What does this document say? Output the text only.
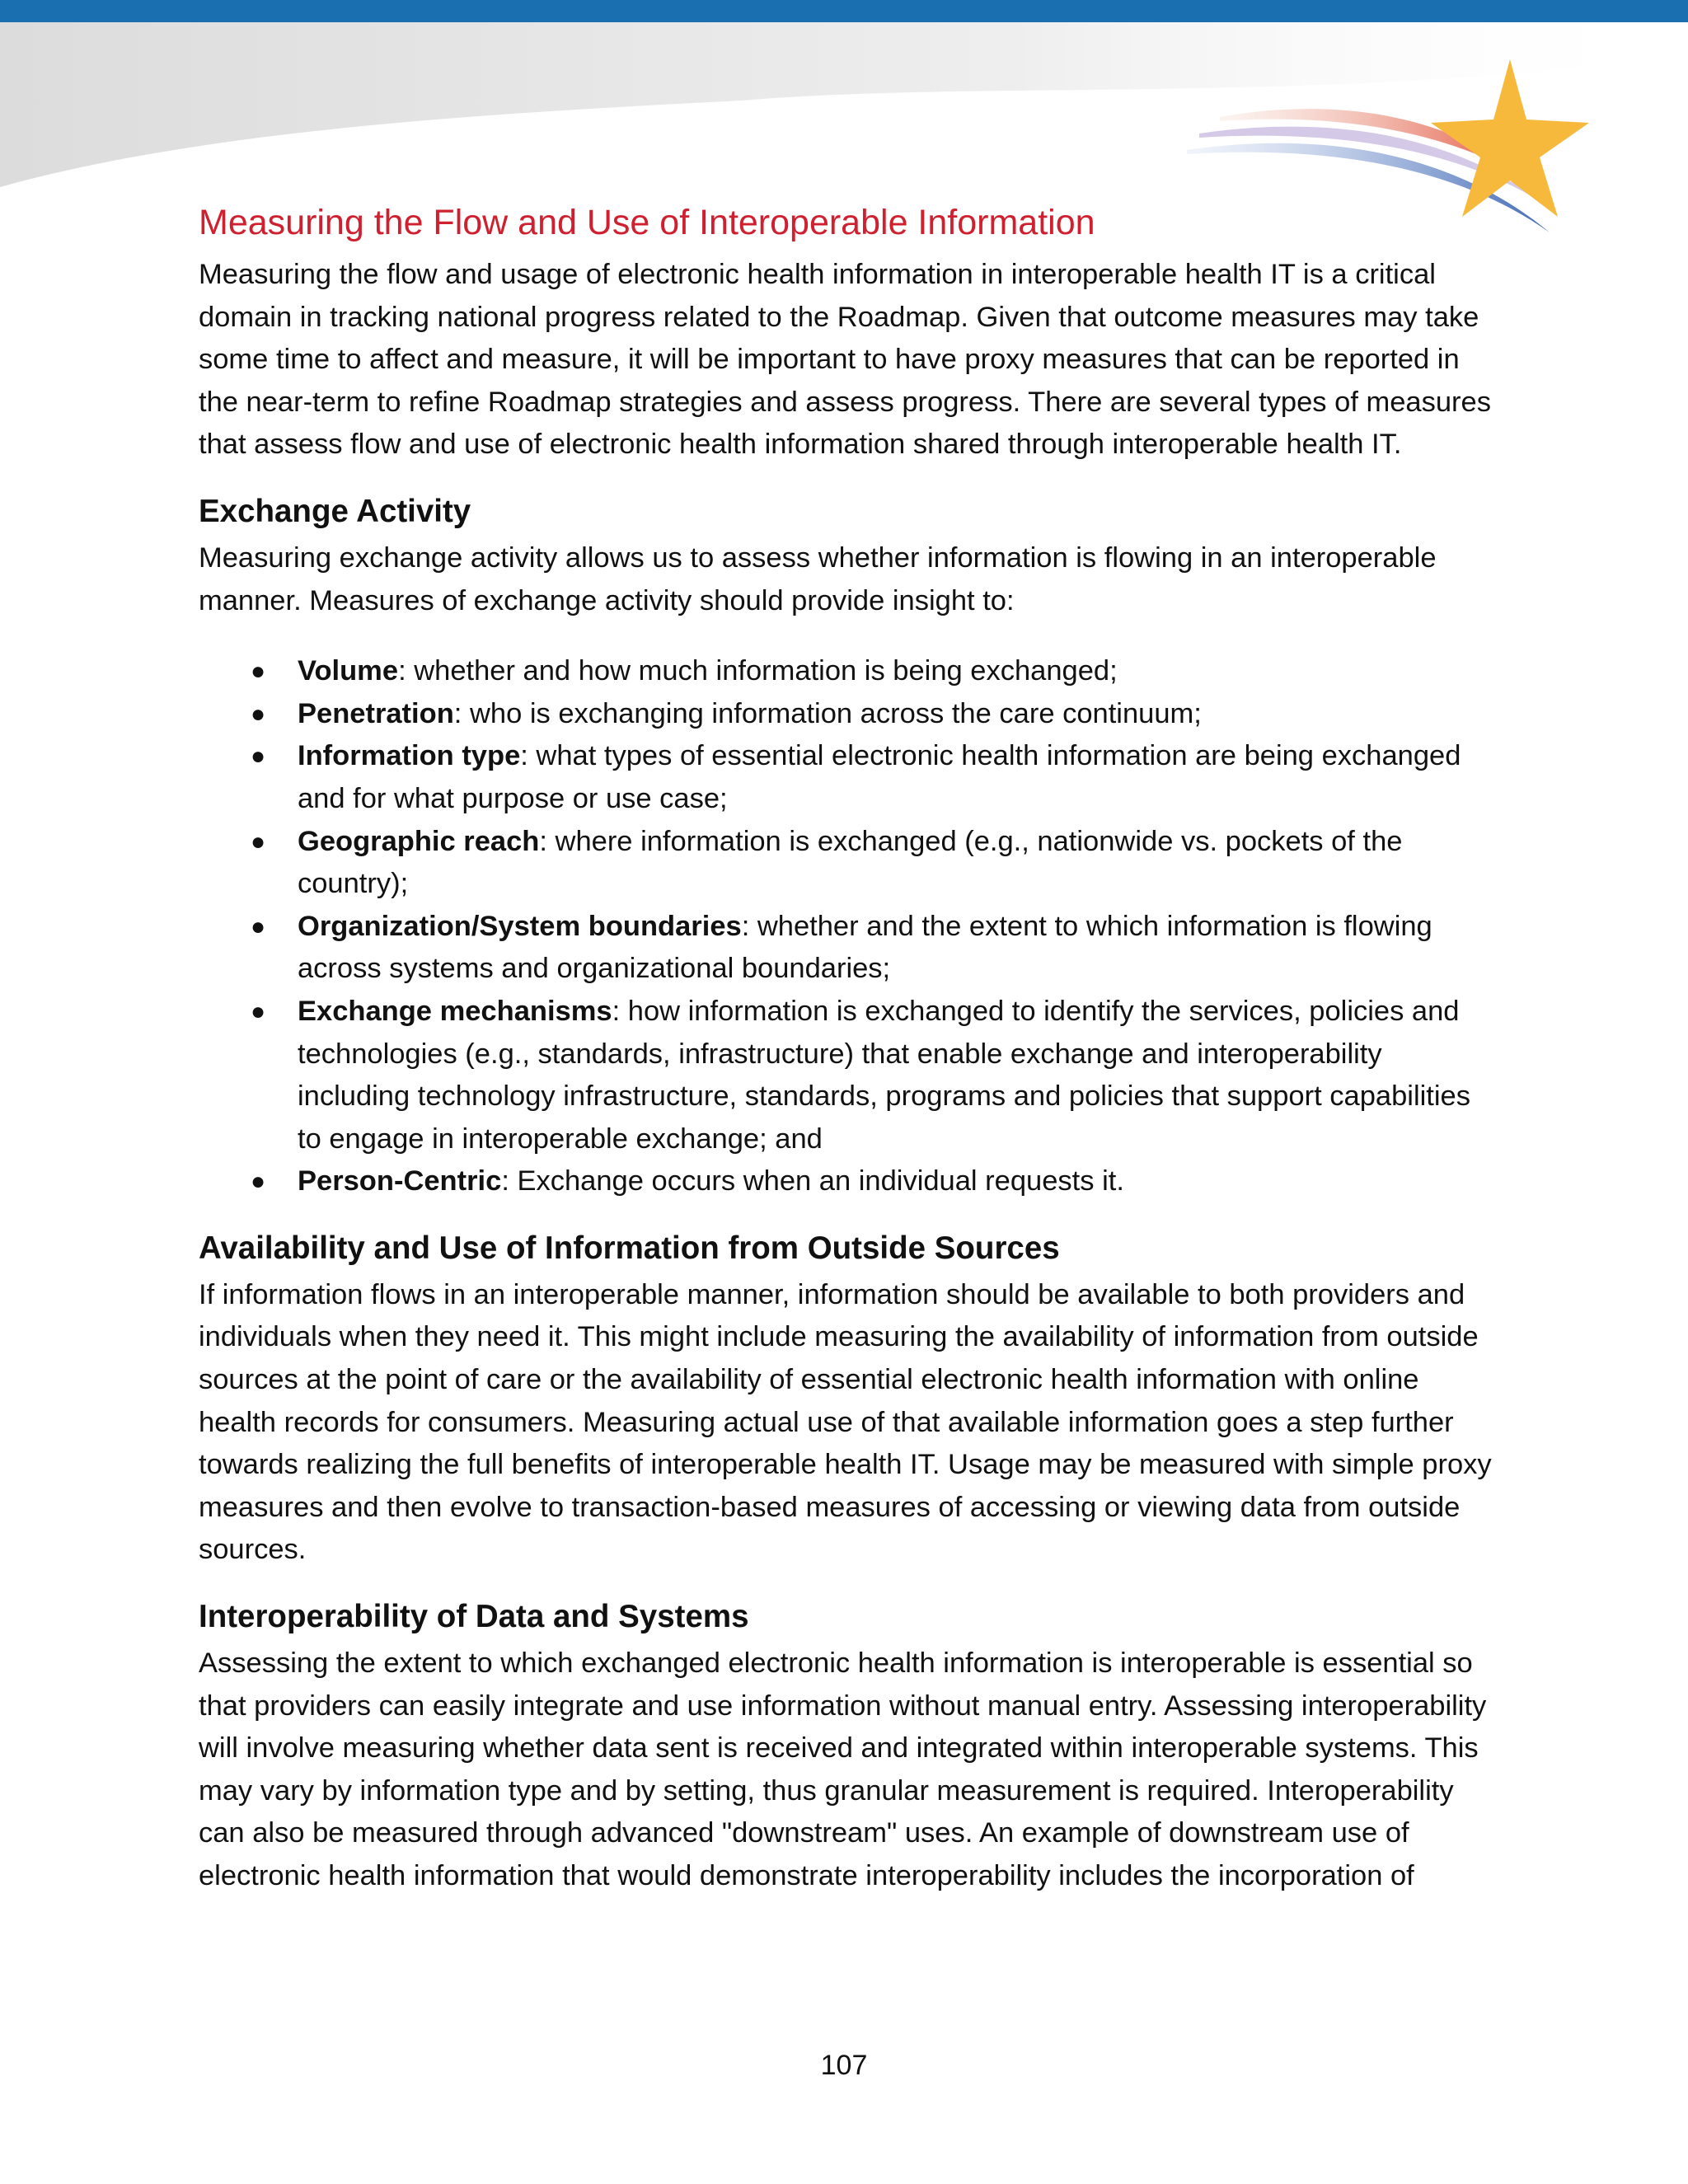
Measuring the Flow and Use of Interoperable Information

Measuring the flow and usage of electronic health information in interoperable health IT is a critical domain in tracking national progress related to the Roadmap. Given that outcome measures may take some time to affect and measure, it will be important to have proxy measures that can be reported in the near-term to refine Roadmap strategies and assess progress. There are several types of measures that assess flow and use of electronic health information shared through interoperable health IT.

Exchange Activity

Measuring exchange activity allows us to assess whether information is flowing in an interoperable manner. Measures of exchange activity should provide insight to:

● Volume: whether and how much information is being exchanged;
● Penetration: who is exchanging information across the care continuum;
● Information type: what types of essential electronic health information are being exchanged and for what purpose or use case;
● Geographic reach: where information is exchanged (e.g., nationwide vs. pockets of the country);
● Organization/System boundaries: whether and the extent to which information is flowing across systems and organizational boundaries;
● Exchange mechanisms: how information is exchanged to identify the services, policies and technologies (e.g., standards, infrastructure) that enable exchange and interoperability including technology infrastructure, standards, programs and policies that support capabilities to engage in interoperable exchange; and
● Person-Centric: Exchange occurs when an individual requests it.
Availability and Use of Information from Outside Sources

If information flows in an interoperable manner, information should be available to both providers and individuals when they need it. This might include measuring the availability of information from outside sources at the point of care or the availability of essential electronic health information with online health records for consumers. Measuring actual use of that available information goes a step further towards realizing the full benefits of interoperable health IT. Usage may be measured with simple proxy measures and then evolve to transaction-based measures of accessing or viewing data from outside sources.

Interoperability of Data and Systems

Assessing the extent to which exchanged electronic health information is interoperable is essential so that providers can easily integrate and use information without manual entry. Assessing interoperability will involve measuring whether data sent is received and integrated within interoperable systems. This may vary by information type and by setting, thus granular measurement is required. Interoperability can also be measured through advanced "downstream" uses. An example of downstream use of electronic health information that would demonstrate interoperability includes the incorporation of

107
